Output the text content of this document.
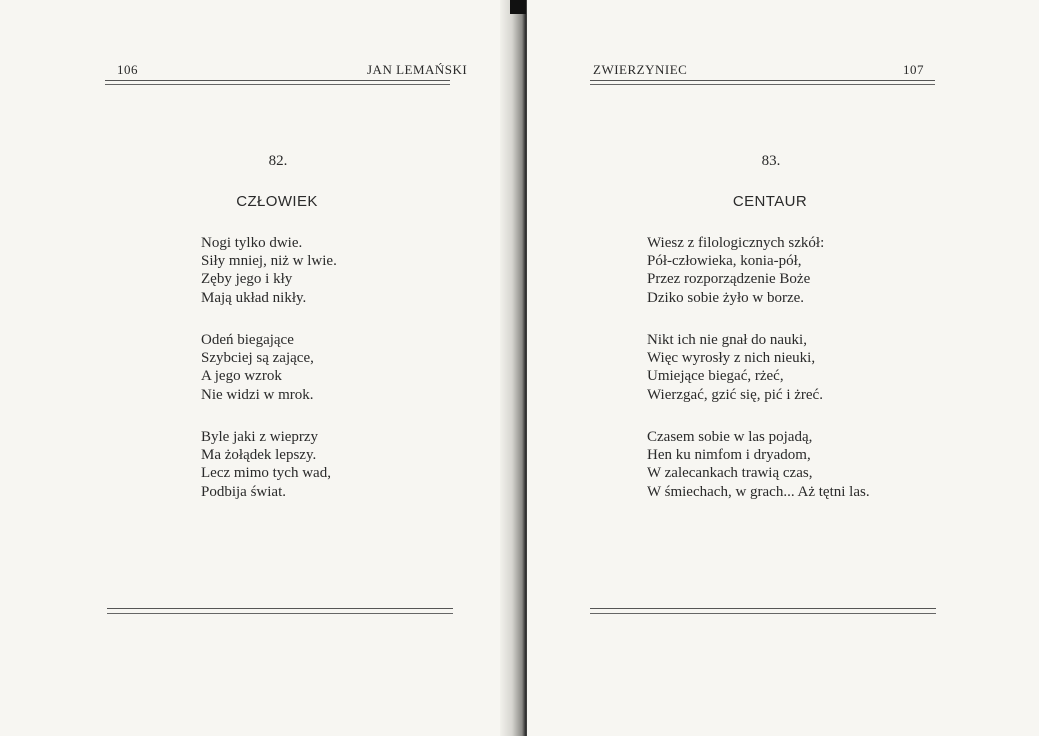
106	JAN LEMAŃSKI
82.
CZŁOWIEK
Nogi tylko dwie.
Siły mniej, niż w lwie.
Zęby jego i kły
Mają układ nikły.
Odeń biegające
Szybciej są zające,
A jego wzrok
Nie widzi w mrok.
Byle jaki z wieprzy
Ma żołądek lepszy.
Lecz mimo tych wad,
Podbija świat.
ZWIERZYNIEC	107
83.
CENTAUR
Wiesz z filologicznych szkół:
Pół-człowieka, konia-pół,
Przez rozporządzenie Boże
Dziko sobie żyło w borze.
Nikt ich nie gnał do nauki,
Więc wyrosły z nich nieuki,
Umiejące biegać, rżeć,
Wierzgać, gzić się, pić i żreć.
Czasem sobie w las pojadą,
Hen ku nimfom i dryadom,
W zalecankach trawią czas,
W śmiechach, w grach... Aż tętni las.
